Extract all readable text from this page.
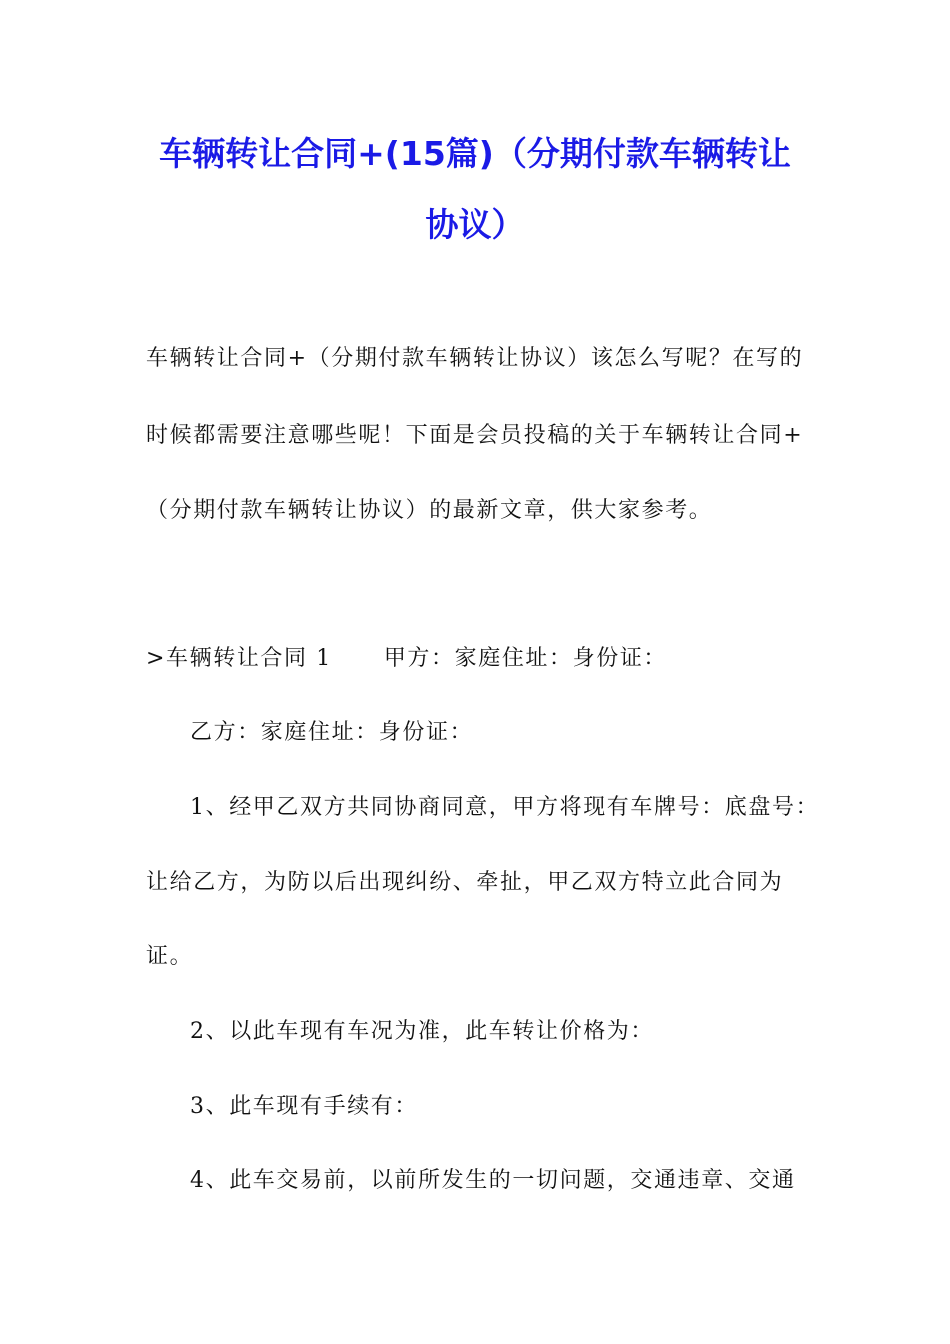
车辆转让合同+(15篇)（分期付款车辆转让
协议）
车辆转让合同+（分期付款车辆转让协议）该怎么写呢？在写的
时候都需要注意哪些呢！下面是会员投稿的关于车辆转让合同+
（分期付款车辆转让协议）的最新文章，供大家参考。
>车辆转让合同 1 甲方：家庭住址：身份证：
乙方：家庭住址：身份证：
1、经甲乙双方共同协商同意，甲方将现有车牌号：底盘号：
让给乙方，为防以后出现纠纷、牵扯，甲乙双方特立此合同为
证。
2、以此车现有车况为准，此车转让价格为：
3、此车现有手续有：
4、此车交易前，以前所发生的一切问题，交通违章、交通
